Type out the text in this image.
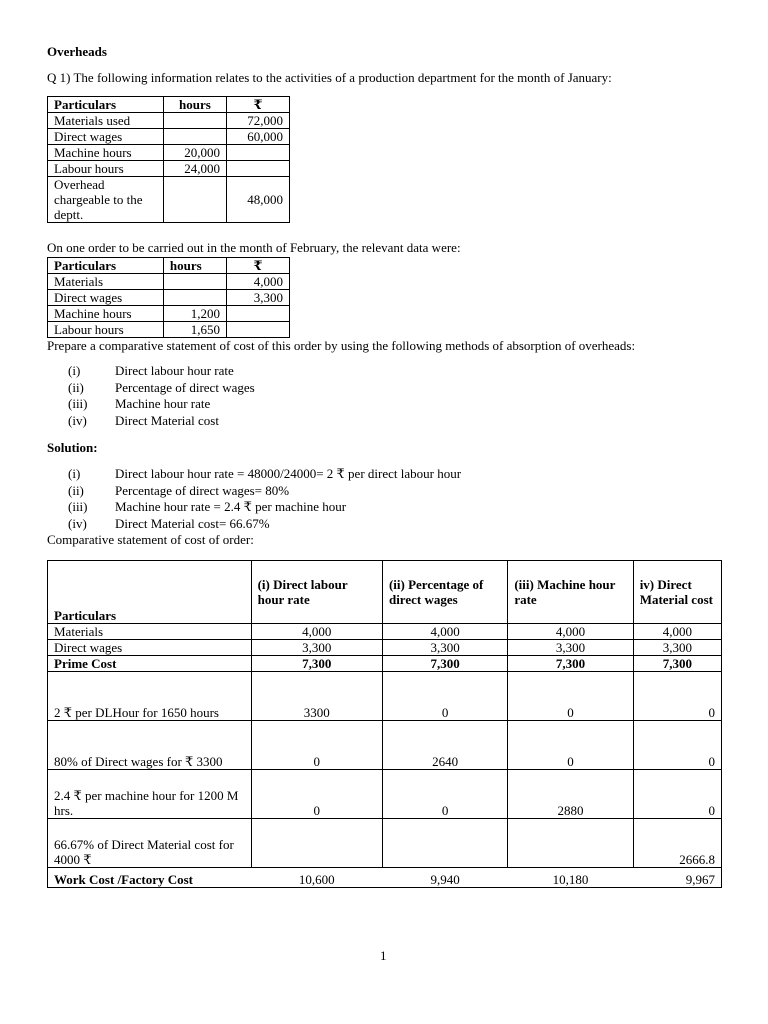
Overheads
Q 1) The following information relates to the activities of a production department for the month of January:
Particulars	hours	₹
Materials used		72,000
Direct wages		60,000
Machine hours	20,000	
Labour hours	24,000	
Overhead chargeable to the deptt.		48,000
On one order to be carried out in the month of February, the relevant data were:
Particulars	hours	₹
Materials		4,000
Direct wages		3,300
Machine hours	1,200	
Labour hours	1,650	
Prepare a comparative statement of cost of this order by using the following methods of absorption of overheads:
(i)	Direct labour hour rate
(ii) Percentage of direct wages
(iii) Machine hour rate
(iv) Direct Material cost
Solution:
(i)	Direct labour hour rate = 48000/24000= 2 ₹ per direct labour hour
(ii) Percentage of direct wages= 80%
(iii) Machine hour rate = 2.4 ₹ per machine hour
(iv) Direct Material cost= 66.67%
Comparative statement of cost of order:
Particulars	(i) Direct labour hour rate	(ii) Percentage of direct wages	(iii) Machine hour rate	iv) Direct Material cost
Materials	4,000	4,000	4,000	4,000
Direct wages	3,300	3,300	3,300	3,300
Prime Cost	7,300	7,300	7,300	7,300
2 ₹ per DLHour for 1650 hours	3300	0	0	0
80% of Direct wages for ₹ 3300	0	2640	0	0
2.4 ₹ per machine hour for 1200 M hrs.	0	0	2880	0
66.67% of Direct Material cost for 4000 ₹				2666.8
Work Cost /Factory Cost	10,600	9,940	10,180	9,967
1
